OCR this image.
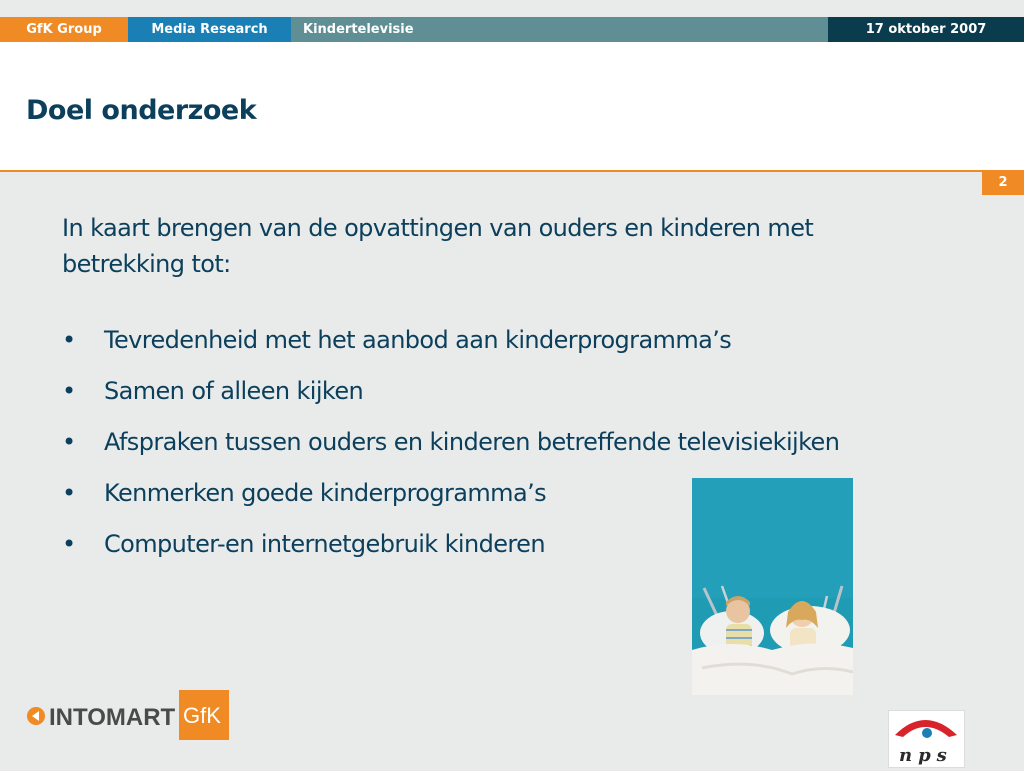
GfK Group	Media Research	Kindertelevisie	17 oktober 2007
Doel onderzoek
2
In kaart brengen van de opvattingen van ouders en kinderen met betrekking tot:
• Tevredenheid met het aanbod aan kinderprogramma’s
• Samen of alleen kijken
• Afspraken tussen ouders en kinderen betreffende televisiekijken
• Kenmerken goede kinderprogramma’s
• Computer-en internetgebruik kinderen
INTOMART GfK
nps
